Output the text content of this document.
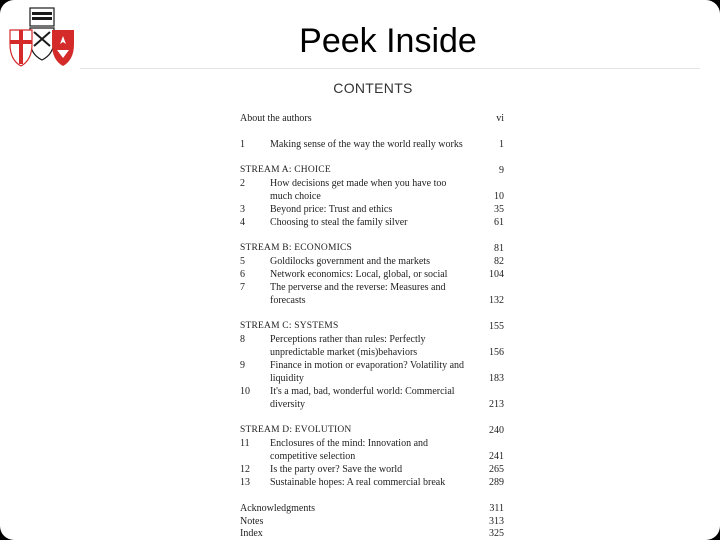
Peek Inside
CONTENTS
About the authors	vi
1	Making sense of the way the world really works	1
STREAM A: CHOICE	9
2	How decisions get made when you have too much choice	10
3	Beyond price: Trust and ethics	35
4	Choosing to steal the family silver	61
STREAM B: ECONOMICS	81
5	Goldilocks government and the markets	82
6	Network economics: Local, global, or social	104
7	The perverse and the reverse: Measures and forecasts	132
STREAM C: SYSTEMS	155
8	Perceptions rather than rules: Perfectly unpredictable market (mis)behaviors	156
9	Finance in motion or evaporation? Volatility and liquidity	183
10 It's a mad, bad, wonderful world: Commercial diversity	213
STREAM D: EVOLUTION	240
11 Enclosures of the mind: Innovation and competitive selection	241
12 Is the party over? Save the world	265
13 Sustainable hopes: A real commercial break	289
Acknowledgments	311
Notes	313
Index	325
